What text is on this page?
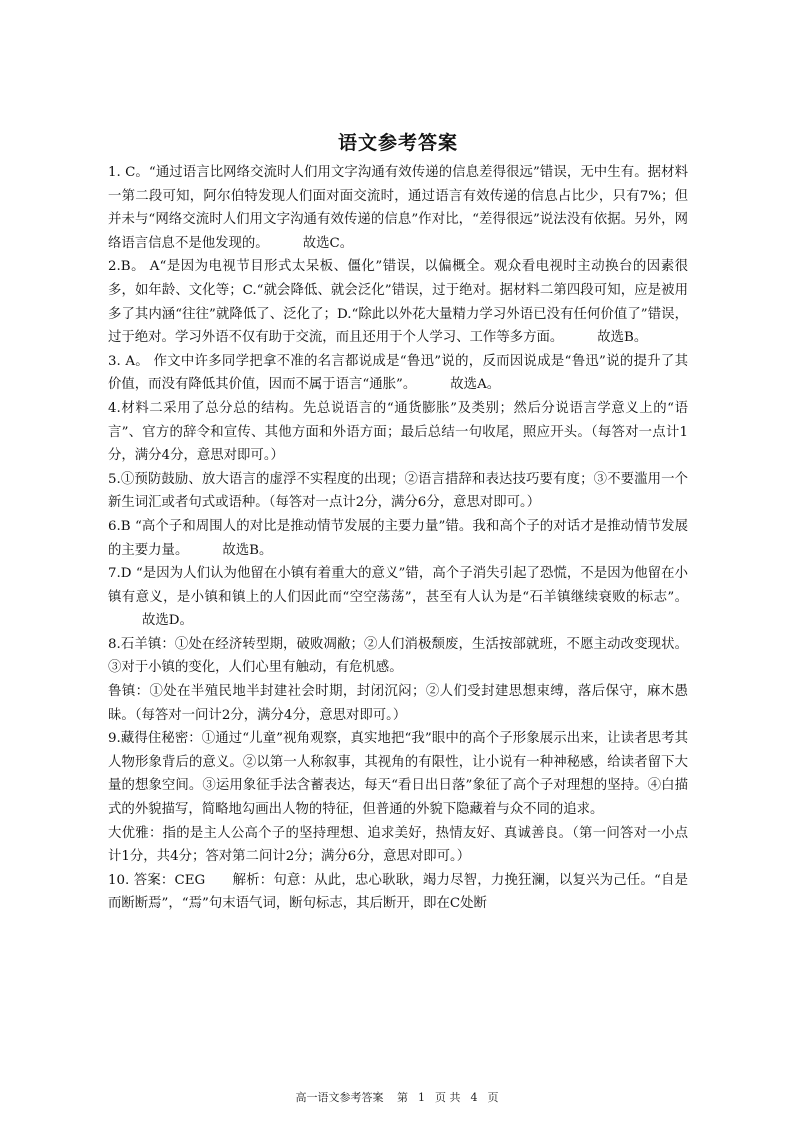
语文参考答案

1. C。“通过语言比网络交流时人们用文字沟通有效传递的信息差得很远”错误，无中生有。据材料一第二段可知，阿尔伯特发现人们面对面交流时，通过语言有效传递的信息占比少，只有7%；但并未与“网络交流时人们用文字沟通有效传递的信息”作对比，“差得很远”说法没有依据。另外，网络语言信息不是他发现的。	故选C。

2.B。 A“是因为电视节目形式太呆板、僵化”错误，以偏概全。观众看电视时主动换台的因素很多，如年龄、文化等；C.“就会降低、就会泛化”错误，过于绝对。据材料二第四段可知，应是被用多了其内涵“往往”就降低了、泛化了；D.“除此以外花大量精力学习外语已没有任何价值了”错误，过于绝对。学习外语不仅有助于交流，而且还用于个人学习、工作等多方面。	故选B。

3. A。 作文中许多同学把拿不准的名言都说成是“鲁迅”说的，反而因说成是“鲁迅”说的提升了其价值，而没有降低其价值，因而不属于语言“通胀”。	故选A。

4.材料二采用了总分总的结构。先总说语言的“通货膨胀”及类别；然后分说语言学意义上的“语言”、官方的辞令和宣传、其他方面和外语方面；最后总结一句收尾，照应开头。（每答对一点计1分，满分4分，意思对即可。）

5.①预防鼓励、放大语言的虚浮不实程度的出现；②语言措辞和表达技巧要有度；③不要滥用一个新生词汇或者句式或语种。（每答对一点计2分，满分6分，意思对即可。）

6.B “高个子和周围人的对比是推动情节发展的主要力量”错。我和高个子的对话才是推动情节发展的主要力量。	故选B。

7.D “是因为人们认为他留在小镇有着重大的意义”错，高个子消失引起了恐慌，不是因为他留在小镇有意义，是小镇和镇上的人们因此而“空空荡荡”，甚至有人认为是“石羊镇继续衰败的标志”。故选D。

8.石羊镇：①处在经济转型期，破败凋敝；②人们消极颓废，生活按部就班，不愿主动改变现状。③对于小镇的变化，人们心里有触动，有危机感。

鲁镇：①处在半殖民地半封建社会时期，封闭沉闷；②人们受封建思想束缚，落后保守，麻木愚昧。（每答对一问计2分，满分4分，意思对即可。）

9.藏得住秘密：①通过“儿童”视角观察，真实地把“我”眼中的高个子形象展示出来，让读者思考其人物形象背后的意义。②以第一人称叙事，其视角的有限性，让小说有一种神秘感，给读者留下大量的想象空间。③运用象征手法含蓄表达，每天“看日出日落”象征了高个子对理想的坚持。④白描式的外貌描写，简略地勾画出人物的特征，但普通的外貌下隐藏着与众不同的追求。

大优雅：指的是主人公高个子的坚持理想、追求美好，热情友好、真诚善良。（第一问答对一小点计1分，共4分；答对第二问计2分；满分6分，意思对即可。）

10. 答案：CEG　　解析：句意：从此，忠心耿耿，竭力尽智，力挽狂澜，以复兴为己任。“自是而断断焉”，“焉”句末语气词，断句标志，其后断开，即在C处断

高一语文参考答案 第 1 页 共 4 页
